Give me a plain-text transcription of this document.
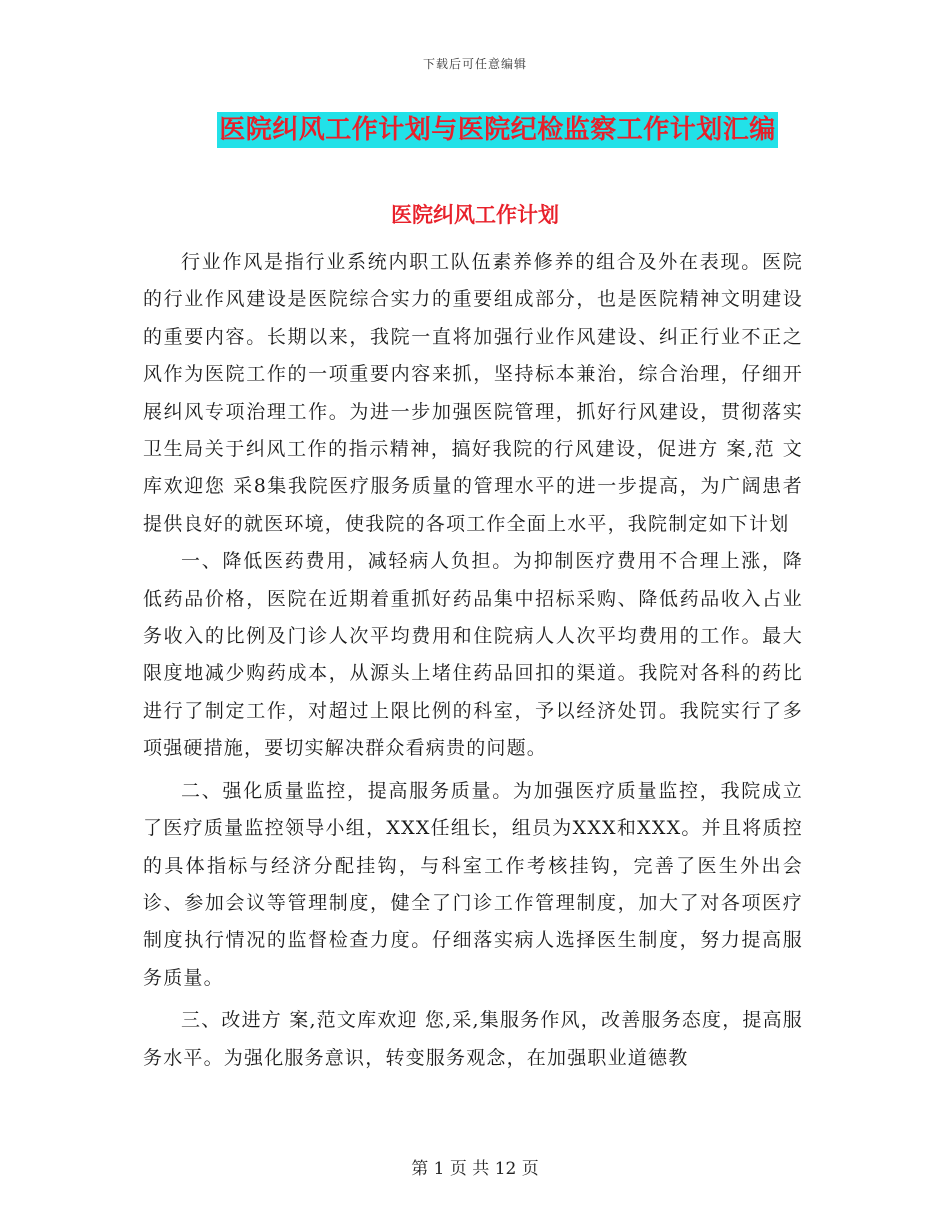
下载后可任意编辑
医院纠风工作计划与医院纪检监察工作计划汇编
医院纠风工作计划

行业作风是指行业系统内职工队伍素养修养的组合及外在表现。医院的行业作风建设是医院综合实力的重要组成部分，也是医院精神文明建设的重要内容。长期以来，我院一直将加强行业作风建设、纠正行业不正之风作为医院工作的一项重要内容来抓，坚持标本兼治，综合治理，仔细开展纠风专项治理工作。为进一步加强医院管理，抓好行风建设，贯彻落实卫生局关于纠风工作的指示精神，搞好我院的行风建设，促进方 案,范 文库欢迎您 采8集我院医疗服务质量的管理水平的进一步提高，为广阔患者提供良好的就医环境，使我院的各项工作全面上水平，我院制定如下计划

一、降低医药费用，减轻病人负担。为抑制医疗费用不合理上涨，降低药品价格，医院在近期着重抓好药品集中招标采购、降低药品收入占业务收入的比例及门诊人次平均费用和住院病人人次平均费用的工作。最大限度地减少购药成本，从源头上堵住药品回扣的渠道。我院对各科的药比进行了制定工作，对超过上限比例的科室，予以经济处罚。我院实行了多项强硬措施，要切实解决群众看病贵的问题。

二、强化质量监控，提高服务质量。为加强医疗质量监控，我院成立了医疗质量监控领导小组，XXX任组长，组员为XXX和XXX。并且将质控的具体指标与经济分配挂钩，与科室工作考核挂钩，完善了医生外出会诊、参加会议等管理制度，健全了门诊工作管理制度，加大了对各项医疗制度执行情况的监督检查力度。仔细落实病人选择医生制度，努力提高服务质量。

三、改进方 案,范文库欢迎 您,采,集服务作风，改善服务态度，提高服务水平。为强化服务意识，转变服务观念，在加强职业道德教

第 1 页 共 12 页
